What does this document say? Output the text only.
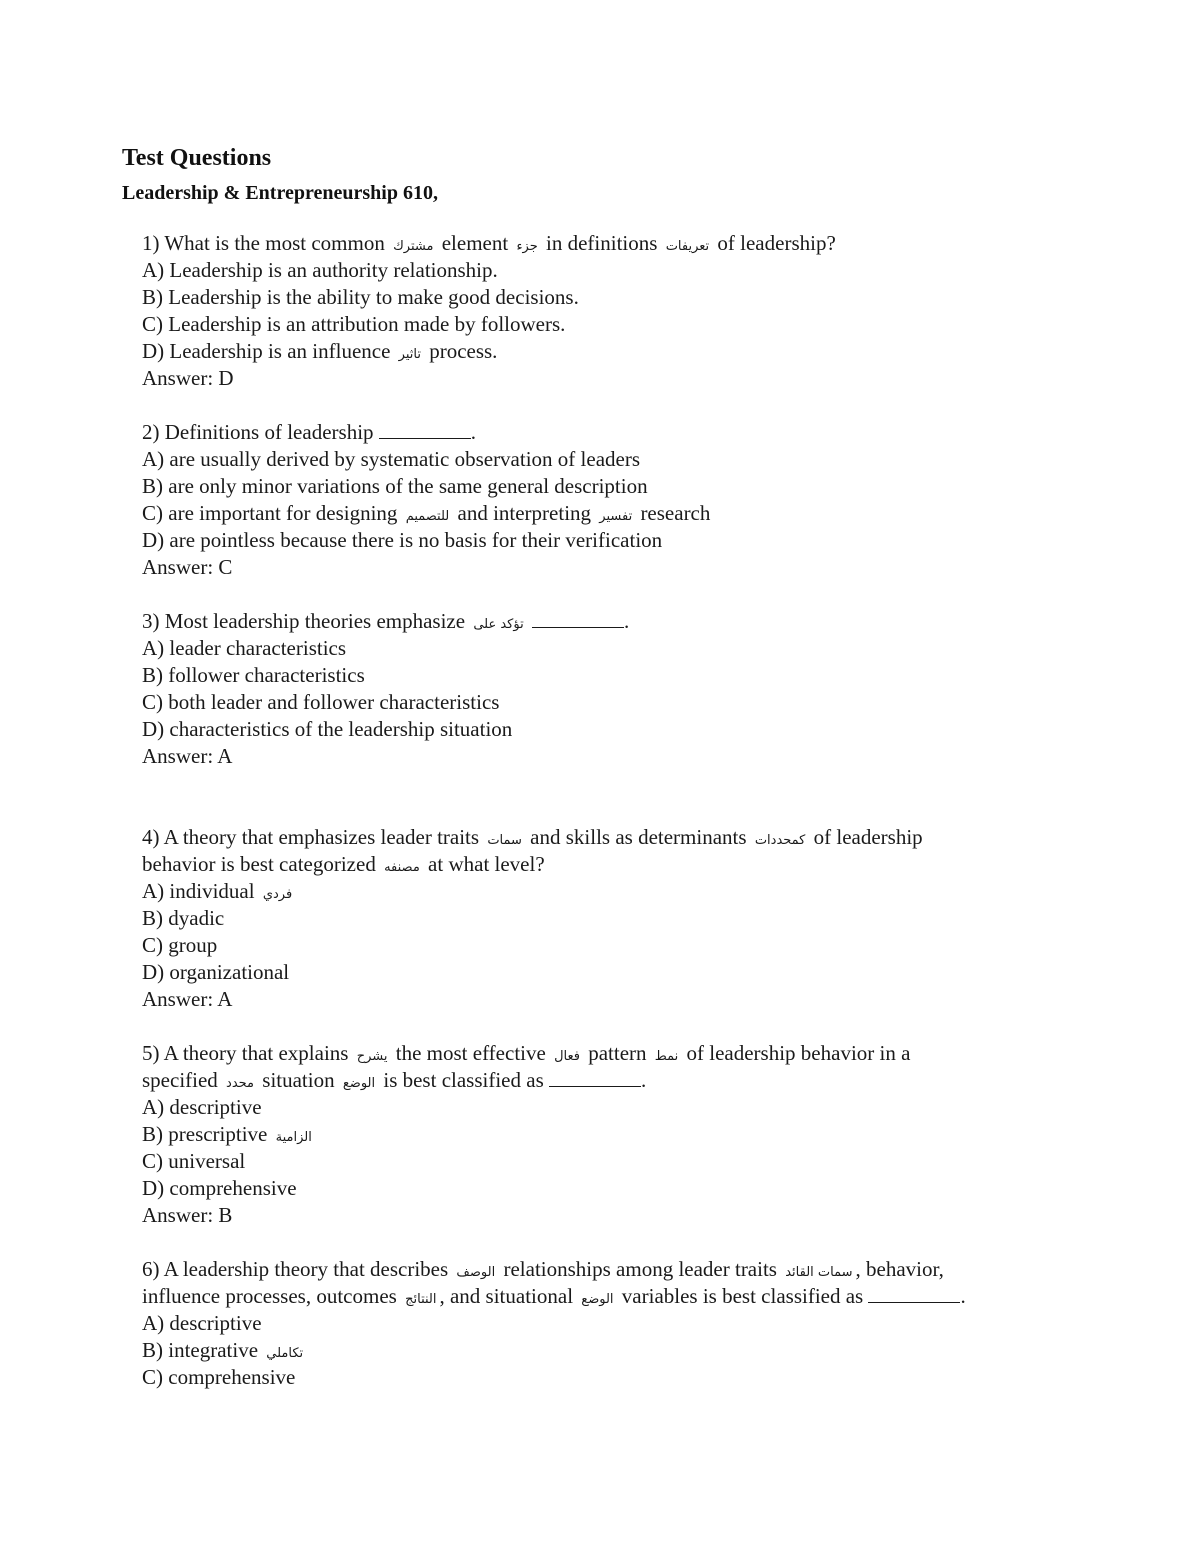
Test Questions
Leadership & Entrepreneurship 610,
1) What is the most common مشترك element جزء in definitions تعريفات of leadership?
A) Leadership is an authority relationship.
B) Leadership is the ability to make good decisions.
C) Leadership is an attribution made by followers.
D) Leadership is an influence تاثير process.
Answer: D
2) Definitions of leadership	.
A) are usually derived by systematic observation of leaders
B) are only minor variations of the same general description
C) are important for designing للتصميم and interpreting تفسير research
D) are pointless because there is no basis for their verification
Answer: C
3) Most leadership theories emphasize تؤكد على	.
A) leader characteristics
B) follower characteristics
C) both leader and follower characteristics
D) characteristics of the leadership situation
Answer: A
4) A theory that emphasizes leader traits سمات and skills as determinants كمحددات of leadership
behavior is best categorized مصنفه at what level?
A) individual فردي
B) dyadic
C) group
D) organizational
Answer: A
5) A theory that explains يشرح the most effective فعال pattern نمط of leadership behavior in a
specified محدد situation الوضع is best classified as	.
A) descriptive
B) prescriptive الزامية
C) universal
D) comprehensive
Answer: B
6) A leadership theory that describes الوصف relationships among leader traits سمات القائد , behavior,
influence processes, outcomes النتائج , and situational الوضع variables is best classified as	.
A) descriptive
B) integrative تكاملي
C) comprehensive
